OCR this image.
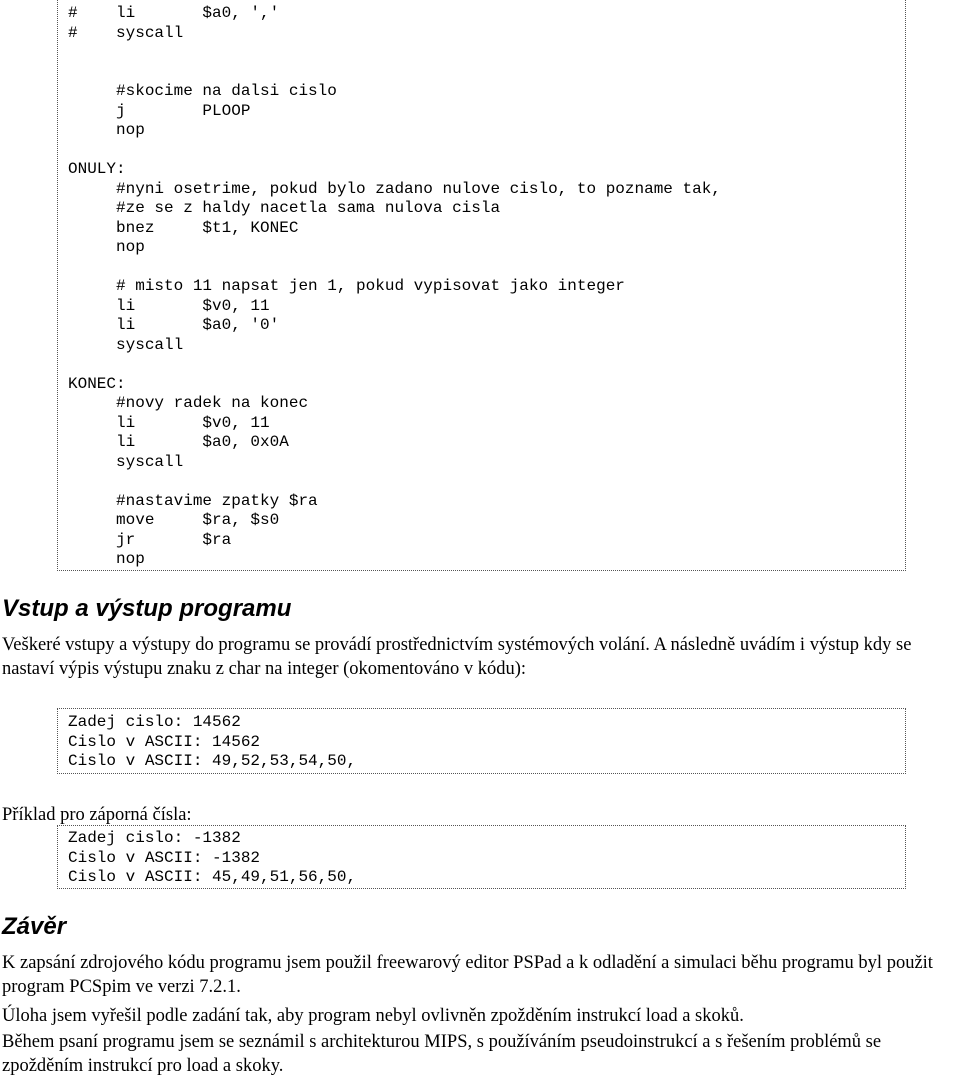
#    li       $a0, ','
#    syscall

#skocime na dalsi cislo
j        PLOOP
nop

ONULY:
#nyni osetrime, pokud bylo zadano nulove cislo, to pozname tak,
#ze se z haldy nacetla sama nulova cisla
bnez     $t1, KONEC
nop

# misto 11 napsat jen 1, pokud vypisovat jako integer
li       $v0, 11
li       $a0, '0'
syscall

KONEC:
#novy radek na konec
li       $v0, 11
li       $a0, 0x0A
syscall

#nastavime zpatky $ra
move     $ra, $s0
jr       $ra
nop
Vstup a výstup programu

Veškeré vstupy a výstupy do programu se provádí prostřednictvím systémových volání. A následně uvádím i výstup kdy se nastaví výpis výstupu znaku z char na integer (okomentováno v kódu):

Zadej cislo: 14562
Cislo v ASCII: 14562
Cislo v ASCII: 49,52,53,54,50,

Příklad pro záporná čísla:

Zadej cislo: -1382
Cislo v ASCII: -1382
Cislo v ASCII: 45,49,51,56,50,
Závěr

K zapsání zdrojového kódu programu jsem použil freewarový editor PSPad a k odladění a simulaci běhu programu byl použit program PCSpim ve verzi 7.2.1.

Úloha jsem vyřešil podle zadání tak, aby program nebyl ovlivněn zpožděním instrukcí load a skoků.

Během psaní programu jsem se seznámil s architekturou MIPS, s používáním pseudoinstrukcí a s řešením problémů se zpožděním instrukcí pro load a skoky.
